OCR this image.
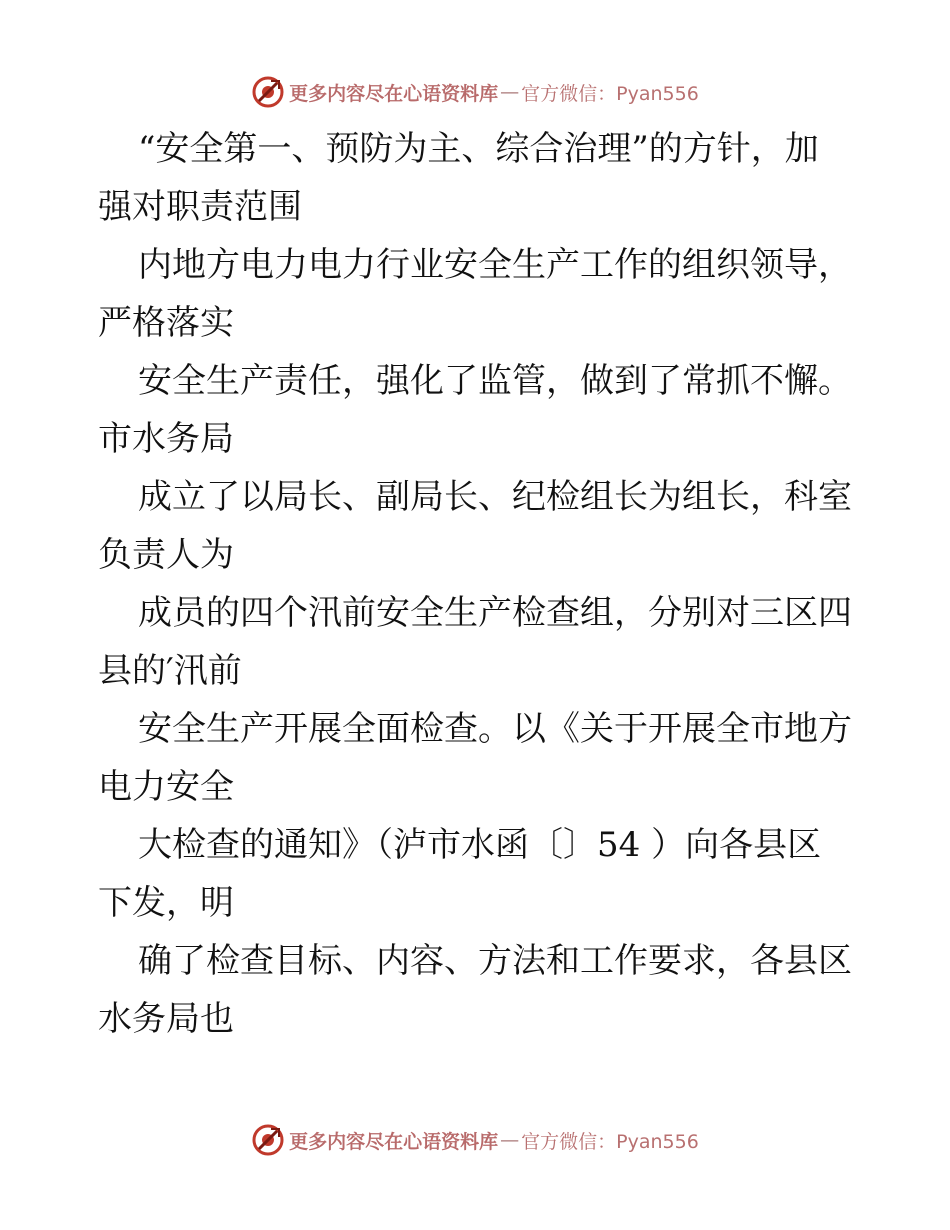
更多内容尽在心语资料库 — 官方微信：Pyan556
“安全第一、预防为主、综合治理”的方针，加
强对职责范围
内地方电力电力行业安全生产工作的组织领导，
严格落实
安全生产责任，强化了监管，做到了常抓不懈。
市水务局
成立了以局长、副局长、纪检组长为组长，科室
负责人为
成员的四个汛前安全生产检查组，分别对三区四
县的′汛前
安全生产开展全面检查。以《关于开展全市地方
电力安全
大检查的通知》（泸市水函〔〕54 ）向各县区
下发，明
确了检查目标、内容、方法和工作要求，各县区
水务局也
更多内容尽在心语资料库 — 官方微信：Pyan556
